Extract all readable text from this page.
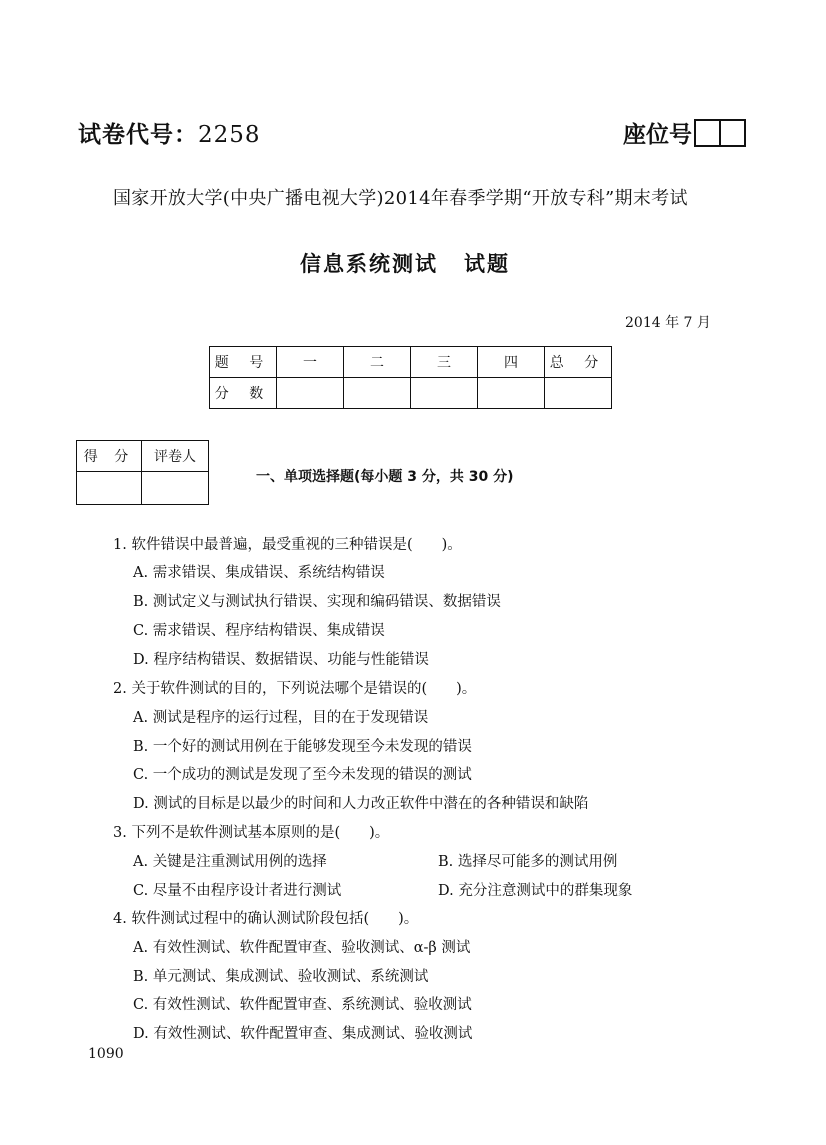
试卷代号：2258	座位号
国家开放大学(中央广播电视大学)2014年春季学期“开放专科”期末考试
信息系统测试 试题
2014 年 7 月
题 号	一	二	三	四	总 分
分 数					
得 分	评卷人

一、单项选择题(每小题 3 分，共 30 分)
1. 软件错误中最普遍，最受重视的三种错误是(　　)。
A. 需求错误、集成错误、系统结构错误
B. 测试定义与测试执行错误、实现和编码错误、数据错误
C. 需求错误、程序结构错误、集成错误
D. 程序结构错误、数据错误、功能与性能错误
2. 关于软件测试的目的，下列说法哪个是错误的(　　)。
A. 测试是程序的运行过程，目的在于发现错误
B. 一个好的测试用例在于能够发现至今未发现的错误
C. 一个成功的测试是发现了至今未发现的错误的测试
D. 测试的目标是以最少的时间和人力改正软件中潜在的各种错误和缺陷
3. 下列不是软件测试基本原则的是(　　)。
A. 关键是注重测试用例的选择	B. 选择尽可能多的测试用例
C. 尽量不由程序设计者进行测试	D. 充分注意测试中的群集现象
4. 软件测试过程中的确认测试阶段包括(　　)。
A. 有效性测试、软件配置审查、验收测试、α-β 测试
B. 单元测试、集成测试、验收测试、系统测试
C. 有效性测试、软件配置审查、系统测试、验收测试
D. 有效性测试、软件配置审查、集成测试、验收测试
1090
